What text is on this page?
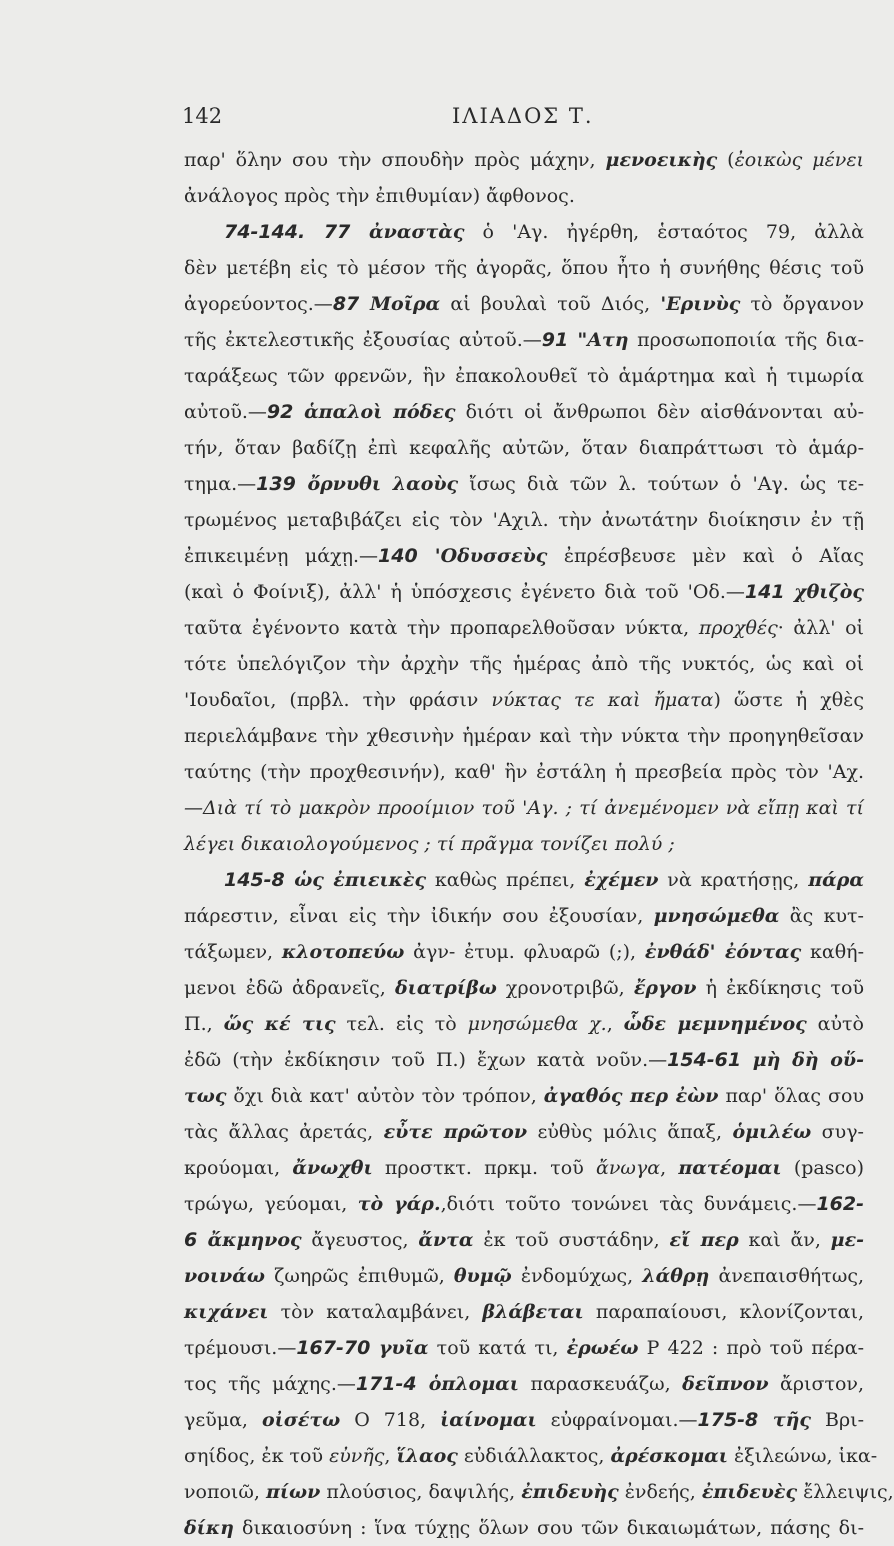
142	ΙΛΙΑΔΟΣ Τ.
παρ' ὅλην σου τὴν σπουδὴν πρὸς μάχην, μενοεικὴς (ἐοικὼς μένει
ἀνάλογος πρὸς τὴν ἐπιθυμίαν) ἄφθονος.
74-144. 77 ἀναστὰς ὁ 'Αγ. ἠγέρθη, ἑσταότος 79, ἀλλὰ
δὲν μετέβη εἰς τὸ μέσον τῆς ἀγορᾶς, ὅπου ἦτο ἡ συνήθης θέσις τοῦ
ἀγορεύοντος.—87 Μοῖρα αἱ βουλαὶ τοῦ Διός, 'Ερινὺς τὸ ὄργανον
τῆς ἐκτελεστικῆς ἐξουσίας αὐτοῦ.—91 "Ατη προσωποποιία τῆς δια-
ταράξεως τῶν φρενῶν, ἣν ἐπακολουθεῖ τὸ ἁμάρτημα καὶ ἡ τιμωρία
αὐτοῦ.—92 ἁπαλοὶ πόδες διότι οἱ ἄνθρωποι δὲν αἰσθάνονται αὐ-
τήν, ὅταν βαδίζῃ ἐπὶ κεφαλῆς αὐτῶν, ὅταν διαπράττωσι τὸ ἁμάρ-
τημα.—139 ὄρνυθι λαοὺς ἴσως διὰ τῶν λ. τούτων ὁ 'Αγ. ὡς τε-
τρωμένος μεταβιβάζει εἰς τὸν 'Αχιλ. τὴν ἀνωτάτην διοίκησιν ἐν τῇ
ἐπικειμένῃ μάχῃ.—140 'Οδυσσεὺς ἐπρέσβευσε μὲν καὶ ὁ Αἴας
(καὶ ὁ Φοίνιξ), ἀλλ' ἡ ὑπόσχεσις ἐγένετο διὰ τοῦ 'Οδ.—141 χθιζὸς
ταῦτα ἐγένοντο κατὰ τὴν προπαρελθοῦσαν νύκτα, προχθές· ἀλλ' οἱ
τότε ὑπελόγιζον τὴν ἀρχὴν τῆς ἡμέρας ἀπὸ τῆς νυκτός, ὡς καὶ οἱ
'Ιουδαῖοι, (πρβλ. τὴν φράσιν νύκτας τε καὶ ἤματα) ὥστε ἡ χθὲς
περιελάμβανε τὴν χθεσινὴν ἡμέραν καὶ τὴν νύκτα τὴν προηγηθεῖσαν
ταύτης (τὴν προχθεσινήν), καθ' ἣν ἐστάλη ἡ πρεσβεία πρὸς τὸν 'Αχ.
—Διὰ τί τὸ μακρὸν προοίμιον τοῦ 'Αγ. ; τί ἀνεμένομεν νὰ εἴπῃ καὶ τί
λέγει δικαιολογούμενος ; τί πρᾶγμα τονίζει πολύ ;
145-8 ὡς ἐπιεικὲς καθὼς πρέπει, ἐχέμεν νὰ κρατήσῃς, πάρα
πάρεστιν, εἶναι εἰς τὴν ἰδικήν σου ἐξουσίαν, μνησώμεθα ἂς κυτ-
τάξωμεν, κλοτοπεύω ἀγν- ἐτυμ. φλυαρῶ (;), ἐνθάδ' ἐόντας καθή-
μενοι ἐδῶ ἀδρανεῖς, διατρίβω χρονοτριβῶ, ἔργον ἡ ἐκδίκησις τοῦ
Π., ὥς κέ τις τελ. εἰς τὸ μνησώμεθα χ., ὧδε μεμνημένος αὐτὸ
ἐδῶ (τὴν ἐκδίκησιν τοῦ Π.) ἔχων κατὰ νοῦν.—154-61 μὴ δὴ οὕ-
τως ὄχι διὰ κατ' αὐτὸν τὸν τρόπον, ἀγαθός περ ἐὼν παρ' ὅλας σου
τὰς ἄλλας ἀρετάς, εὖτε πρῶτον εὐθὺς μόλις ἅπαξ, ὁμιλέω συγ-
κρούομαι, ἄνωχθι προστκτ. πρκμ. τοῦ ἄνωγα, πατέομαι (pasco)
τρώγω, γεύομαι, τὸ γάρ.,διότι τοῦτο τονώνει τὰς δυνάμεις.—162-
6 ἄκμηνος ἄγευστος, ἄντα ἐκ τοῦ συστάδην, εἴ περ καὶ ἄν, με-
νοινάω ζωηρῶς ἐπιθυμῶ, θυμῷ ἐνδομύχως, λάθρῃ ἀνεπαισθήτως,
κιχάνει τὸν καταλαμβάνει, βλάβεται παραπαίουσι, κλονίζονται,
τρέμουσι.—167-70 γυῖα τοῦ κατά τι, ἐρωέω P 422 : πρὸ τοῦ πέρα-
τος τῆς μάχης.—171-4 ὁπλομαι παρασκευάζω, δεῖπνον ἄριστον,
γεῦμα, οἰσέτω O 718, ἰαίνομαι εὐφραίνομαι.—175-8 τῆς Βρι-
σηίδος, ἐκ τοῦ εὐνῆς, ἵλαος εὐδιάλλακτος, ἀρέσκομαι ἐξιλεώνω, ἱκα-
νοποιῶ, πίων πλούσιος, δαψιλής, ἐπιδευὴς ἐνδεής, ἐπιδευὲς ἔλλειψις,
δίκη δικαιοσύνη : ἵνα τύχῃς ὅλων σου τῶν δικαιωμάτων, πάσης δι-
